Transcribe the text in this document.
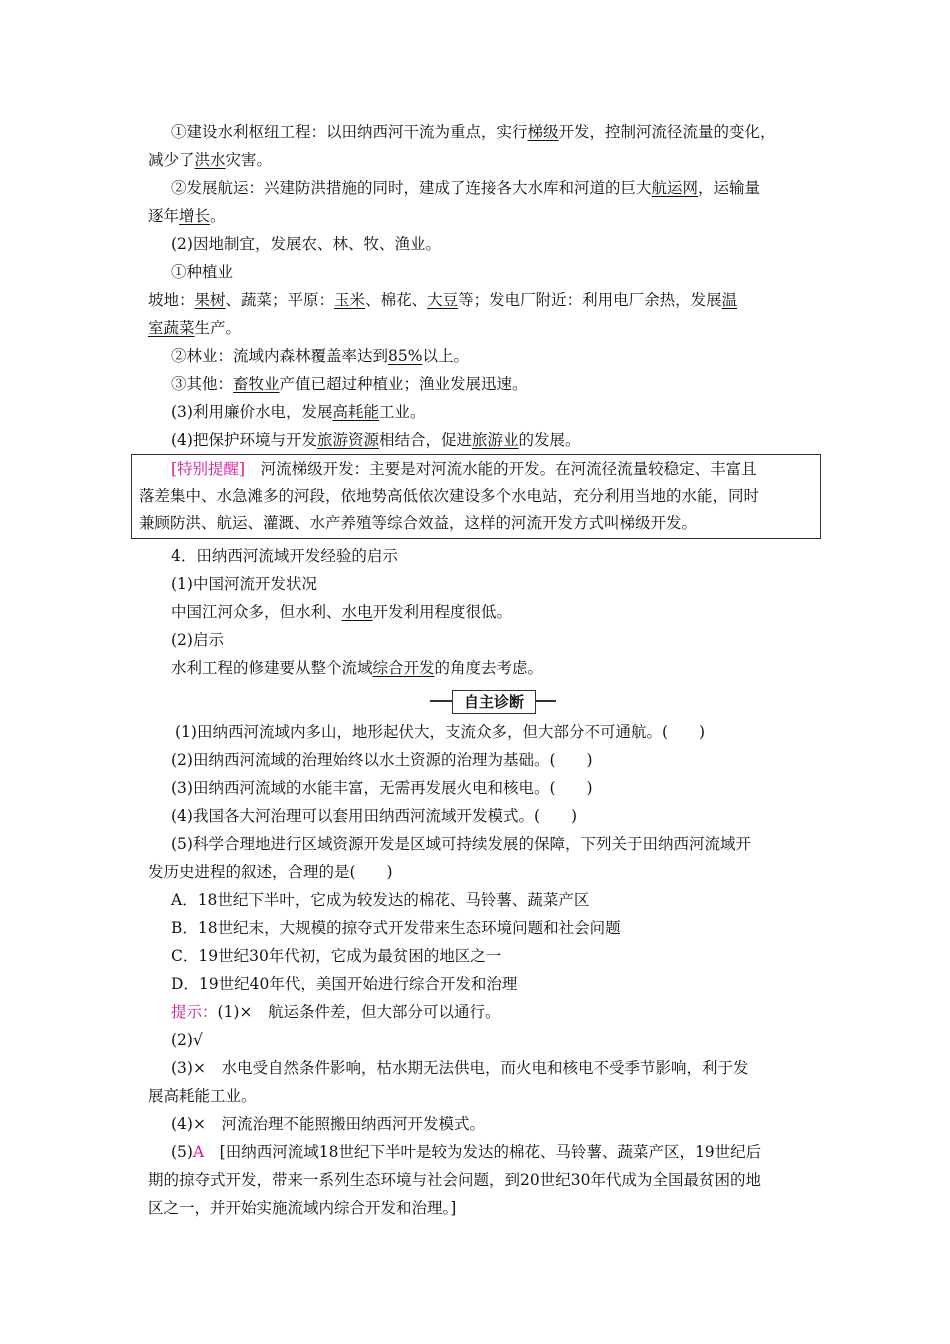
①建设水利枢纽工程：以田纳西河干流为重点，实行梯级开发，控制河流径流量的变化，
减少了洪水灾害。
②发展航运：兴建防洪措施的同时，建成了连接各大水库和河道的巨大航运网，运输量
逐年增长。
(2)因地制宜，发展农、林、牧、渔业。
①种植业
坡地：果树、蔬菜；平原：玉米、棉花、大豆等；发电厂附近：利用电厂余热，发展温
室蔬菜生产。
②林业：流域内森林覆盖率达到85%以上。
③其他：畜牧业产值已超过种植业；渔业发展迅速。
(3)利用廉价水电，发展高耗能工业。
(4)把保护环境与开发旅游资源相结合，促进旅游业的发展。
[特别提醒]　 河流梯级开发：主要是对河流水能的开发。在河流径流量较稳定、丰富且
落差集中、水急滩多的河段，依地势高低依次建设多个水电站，充分利用当地的水能，同时
兼顾防洪、航运、灌溉、水产养殖等综合效益，这样的河流开发方式叫梯级开发。
4．田纳西河流域开发经验的启示
(1)中国河流开发状况
中国江河众多，但水利、水电开发利用程度很低。
(2)启示
水利工程的修建要从整个流域综合开发的角度去考虑。
自主诊断
(1)田纳西河流域内多山，地形起伏大，支流众多，但大部分不可通航。(　　)
(2)田纳西河流域的治理始终以水土资源的治理为基础。(　　)
(3)田纳西河流域的水能丰富，无需再发展火电和核电。(　　)
(4)我国各大河治理可以套用田纳西河流域开发模式。(　　)
(5)科学合理地进行区域资源开发是区域可持续发展的保障，下列关于田纳西河流域开
发历史进程的叙述，合理的是(　　)
A．18世纪下半叶，它成为较发达的棉花、马铃薯、蔬菜产区
B．18世纪末，大规模的掠夺式开发带来生态环境问题和社会问题
C．19世纪30年代初，它成为最贫困的地区之一
D．19世纪40年代，美国开始进行综合开发和治理
提示：(1)×　航运条件差，但大部分可以通行。
(2)√
(3)×　水电受自然条件影响，枯水期无法供电，而火电和核电不受季节影响，利于发
展高耗能工业。
(4)×　河流治理不能照搬田纳西河开发模式。
(5)A　[田纳西河流域18世纪下半叶是较为发达的棉花、马铃薯、蔬菜产区，19世纪后
期的掠夺式开发，带来一系列生态环境与社会问题，到20世纪30年代成为全国最贫困的地
区之一，并开始实施流域内综合开发和治理。]
